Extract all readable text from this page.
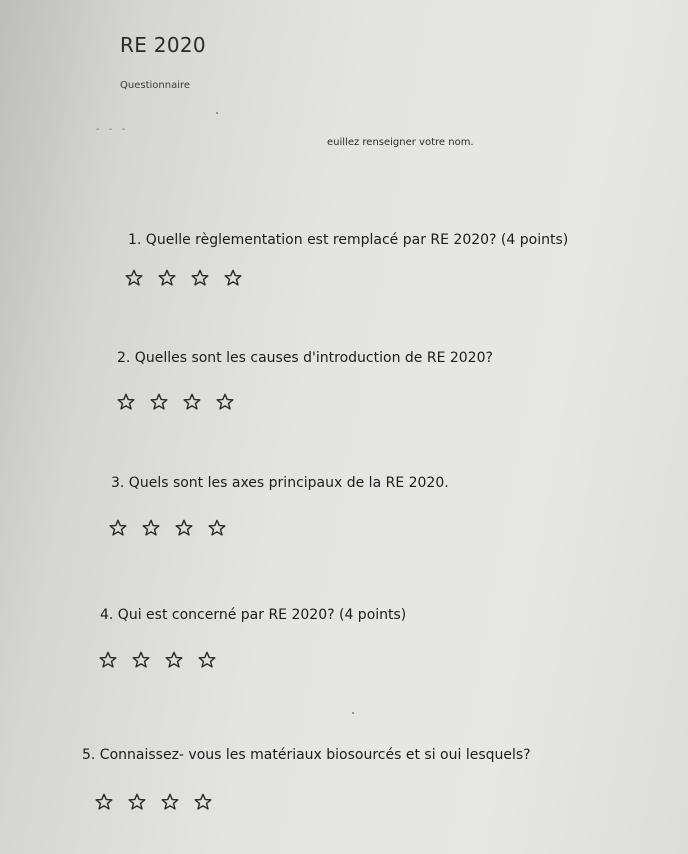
RE 2020
Questionnaire
- - -
euillez renseigner votre nom.
1. Quelle règlementation est remplacé par RE 2020? (4 points)
2. Quelles sont les causes d'introduction de RE 2020?
3. Quels sont les axes principaux de la RE 2020.
4. Qui est concerné par RE 2020? (4 points)
5. Connaissez- vous les matériaux biosourcés et si oui lesquels?
